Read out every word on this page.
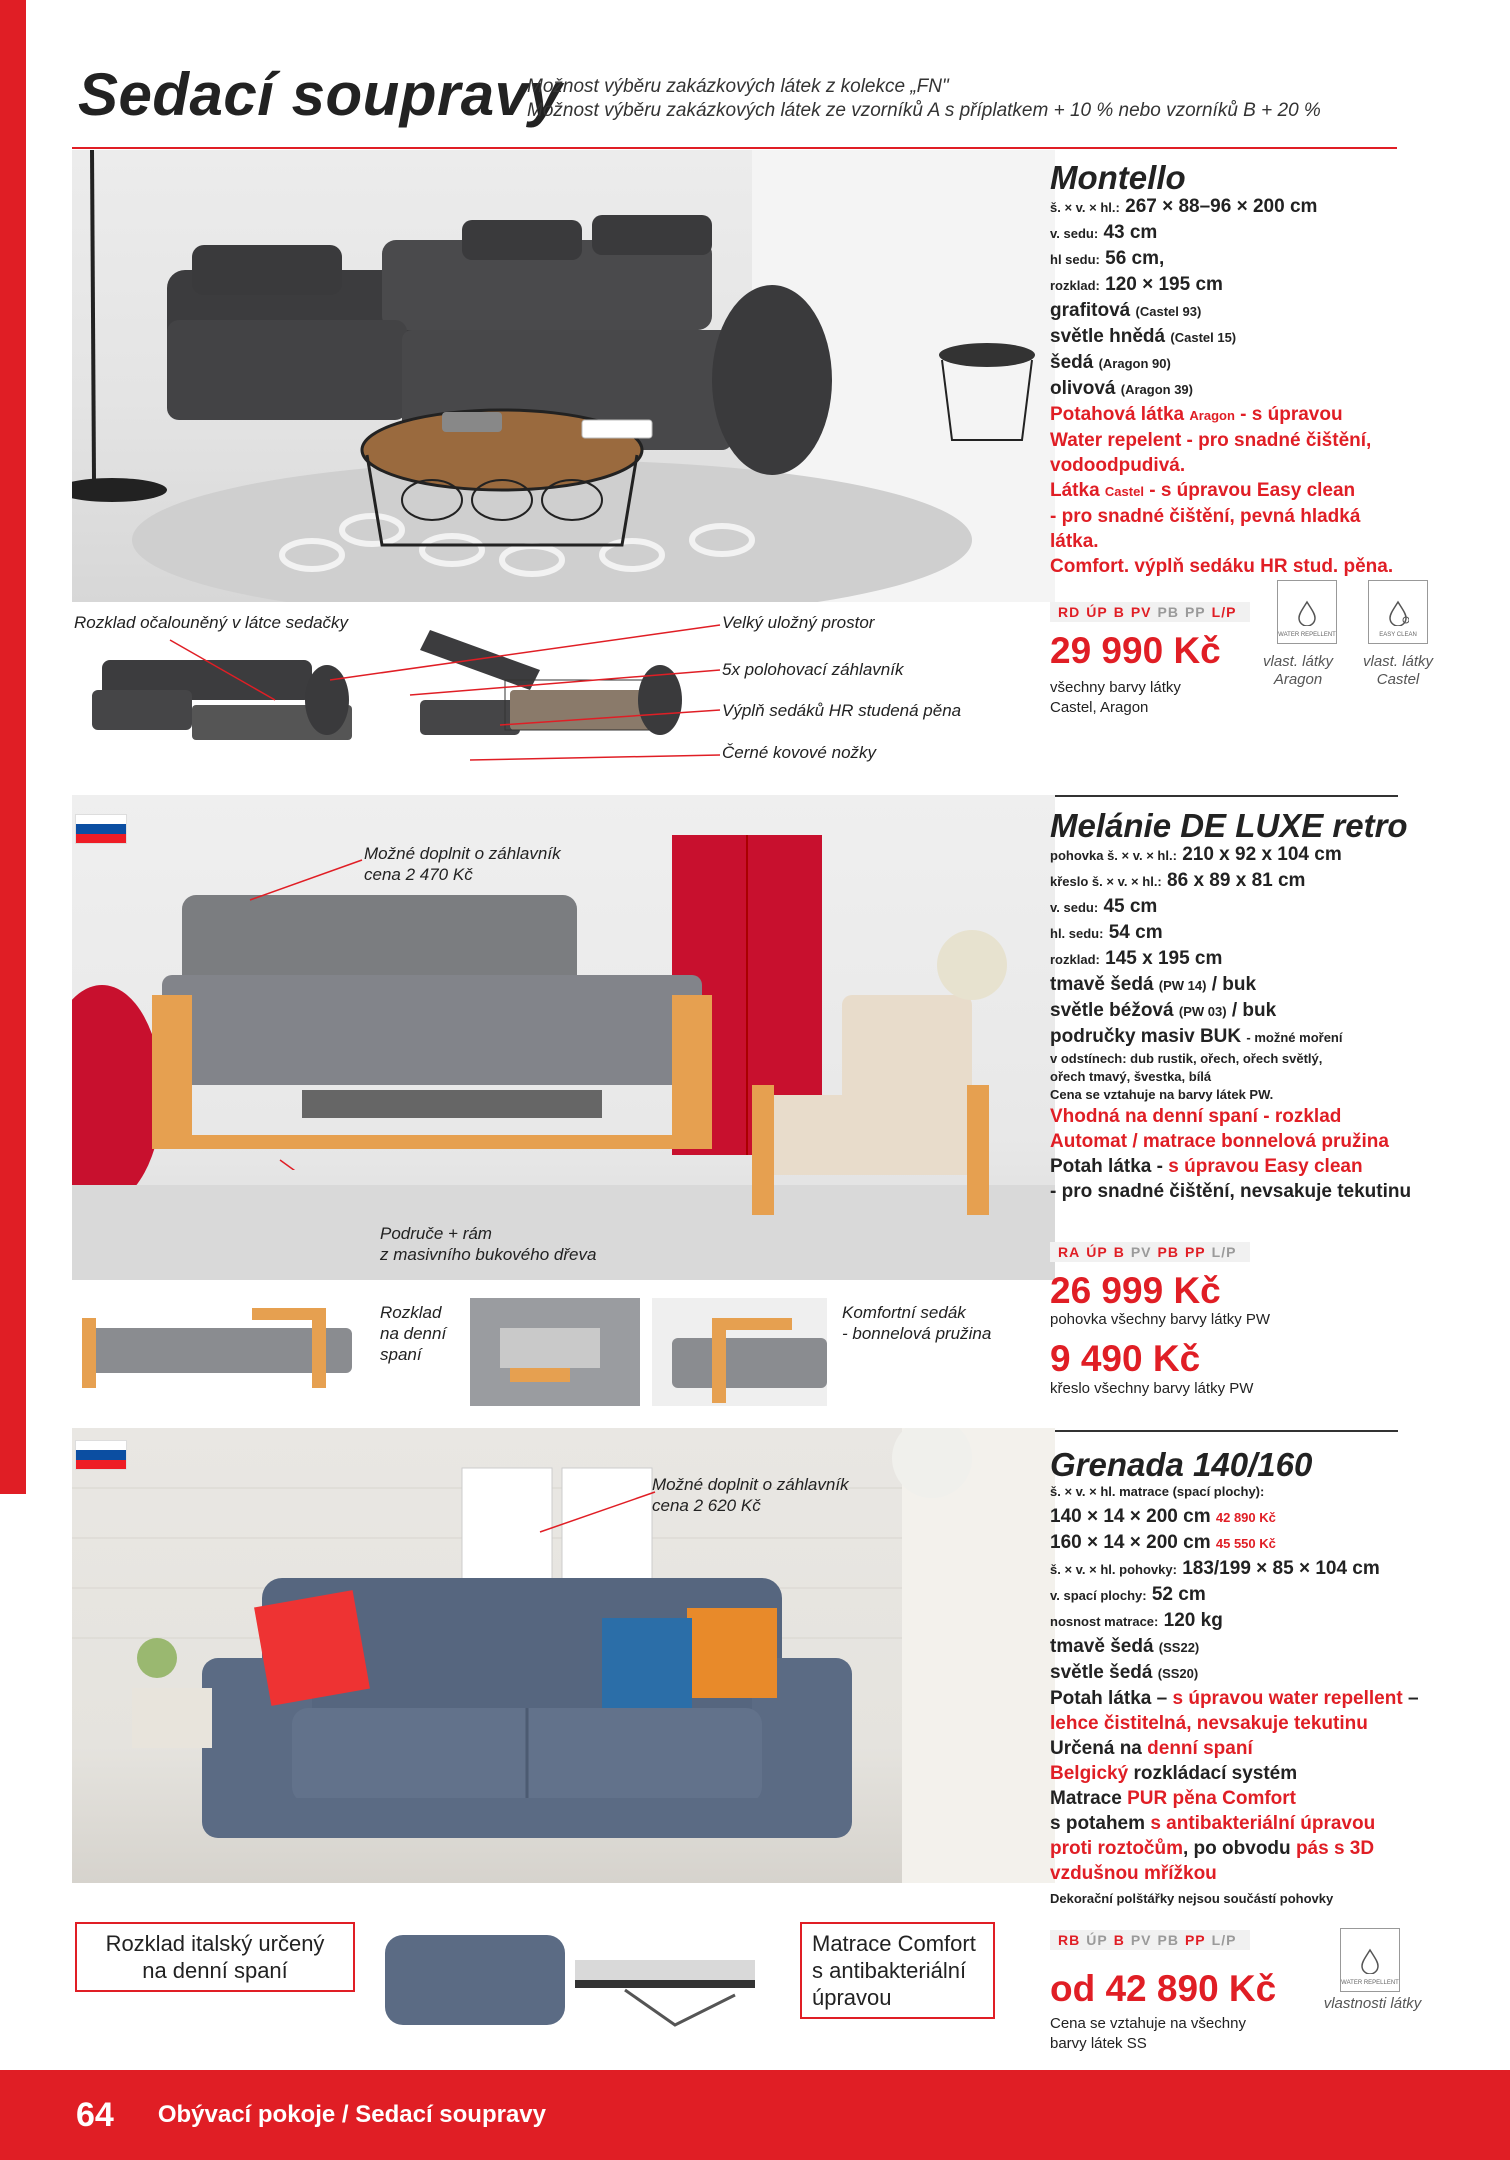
Sedací soupravy
Možnost výběru zakázkových látek z kolekce „FN"
Možnost výběru zakázkových látek ze vzorníků A s příplatkem + 10 % nebo vzorníků B + 20 %
Montello
š. × v. × hl.: 267 × 88–96 × 200 cm
v. sedu: 43 cm
hl sedu: 56 cm,
rozklad: 120 × 195 cm
grafitová (Castel 93)
světle hnědá (Castel 15)
šedá (Aragon 90)
olivová (Aragon 39)
Potahová látka Aragon - s úpravou
Water repelent - pro snadné čištění,
vodoodpudivá.
Látka Castel - s úpravou Easy clean
- pro snadné čištění, pevná hladká látka.
Comfort. výplň sedáku HR stud. pěna.
RD ÚP B PV PB PP L/P
29 990 Kč
všechny barvy látky
Castel, Aragon
WATER REPELLENT	EASY CLEAN
vlast. látky
Aragon
vlast. látky
Castel
Rozklad očalouněný v látce sedačky	Velký uložný prostor
5x polohovací záhlavník
Výplň sedáků HR studená pěna
Černé kovové nožky
Možné doplnit o záhlavník
cena 2 470 Kč
Područe + rám
z masivního bukového dřeva
Rozklad
na denní
spaní
Komfortní sedák
- bonnelová pružina
Melánie DE LUXE retro
pohovka š. × v. × hl.: 210 x 92 x 104 cm
křeslo š. × v. × hl.: 86 x 89 x 81 cm
v. sedu: 45 cm
hl. sedu: 54 cm
rozklad: 145 x 195 cm
tmavě šedá (PW 14) / buk
světle béžová (PW 03) / buk
područky masiv BUK - možné moření
v odstínech: dub rustik, ořech, ořech světlý,
ořech tmavý, švestka, bílá
Cena se vztahuje na barvy látek PW.
Vhodná na denní spaní - rozklad
Automat / matrace bonnelová pružina
Potah látka - s úpravou Easy clean
- pro snadné čištění, nevsakuje tekutinu
RA ÚP B PV PB PP L/P
26 999 Kč
pohovka všechny barvy látky PW
9 490 Kč
křeslo všechny barvy látky PW
Možné doplnit o záhlavník
cena 2 620 Kč
Rozklad italský určený
na denní spaní
Matrace Comfort
s antibakteriální
úpravou
Grenada 140/160
š. × v. × hl. matrace (spací plochy):
140 × 14 × 200 cm 42 890 Kč
160 × 14 × 200 cm 45 550 Kč
š. × v. × hl. pohovky: 183/199 × 85 × 104 cm
v. spací plochy: 52 cm
nosnost matrace: 120 kg
tmavě šedá (SS22)
světle šedá (SS20)
Potah látka – s úpravou water repellent –
lehce čistitelná, nevsakuje tekutinu
Určená na denní spaní
Belgický rozkládací systém
Matrace PUR pěna Comfort
s potahem s antibakteriální úpravou
proti roztočům, po obvodu pás s 3D
vzdušnou mřížkou
Dekorační polštářky nejsou součástí pohovky
RB ÚP B PV PB PP L/P
od 42 890 Kč
Cena se vztahuje na všechny
barvy látek SS
WATER REPELLENT
vlastnosti látky
64 Obývací pokoje / Sedací soupravy
